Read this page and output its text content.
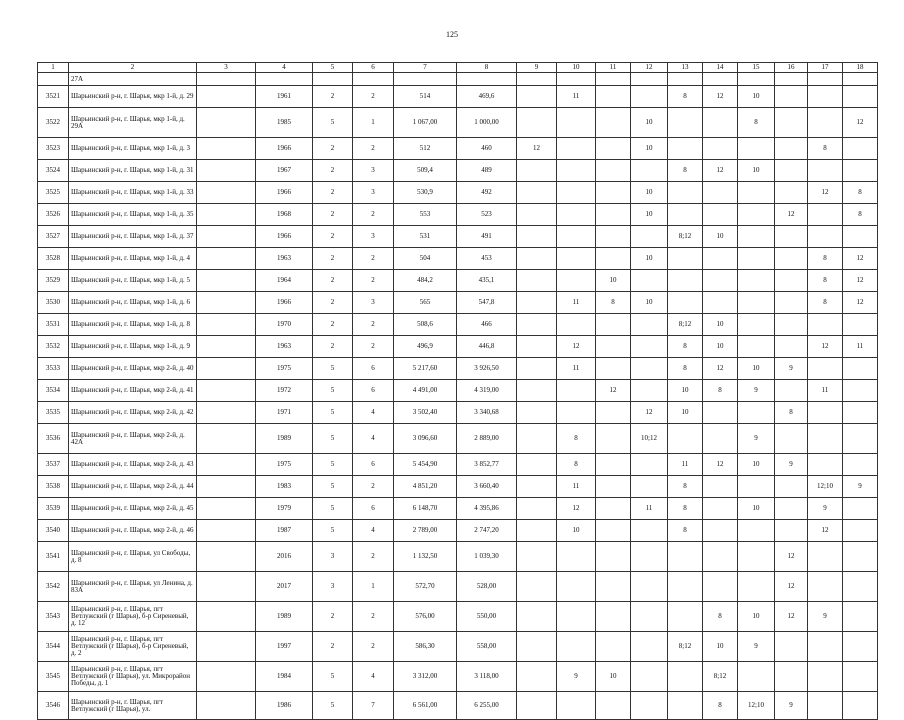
125
1	2	3	4	5	6	7	8	9	10	11	12	13	14	15	16	17	18
	27А																
3521	Шарьинский р-н, г. Шарья, мкр 1-й, д. 29		1961	2	2	514	469,6		11			8	12	10			
3522	Шарьинский р-н, г. Шарья, мкр 1-й, д. 29А		1985	5	1	1 067,00	1 000,00				10			8			12
3523	Шарьинский р-н, г. Шарья, мкр 1-й, д. 3		1966	2	2	512	460	12			10					8	
3524	Шарьинский р-н, г. Шарья, мкр 1-й, д. 31		1967	2	3	509,4	489					8	12	10			
3525	Шарьинский р-н, г. Шарья, мкр 1-й, д. 33		1966	2	3	530,9	492				10					12	8
3526	Шарьинский р-н, г. Шарья, мкр 1-й, д. 35		1968	2	2	553	523				10				12		8
3527	Шарьинский р-н, г. Шарья, мкр 1-й, д. 37		1966	2	3	531	491					8;12	10				
3528	Шарьинский р-н, г. Шарья, мкр 1-й, д. 4		1963	2	2	504	453				10					8	12
3529	Шарьинский р-н, г. Шарья, мкр 1-й, д. 5		1964	2	2	484,2	435,1			10						8	12
3530	Шарьинский р-н, г. Шарья, мкр 1-й, д. 6		1966	2	3	565	547,8		11	8	10					8	12
3531	Шарьинский р-н, г. Шарья, мкр 1-й, д. 8		1970	2	2	508,6	466					8;12	10				
3532	Шарьинский р-н, г. Шарья, мкр 1-й, д. 9		1963	2	2	496,9	446,8		12			8	10			12	11
3533	Шарьинский р-н, г. Шарья, мкр 2-й, д. 40		1975	5	6	5 217,60	3 926,50		11			8	12	10	9		
3534	Шарьинский р-н, г. Шарья, мкр 2-й, д. 41		1972	5	6	4 491,00	4 319,00			12		10	8	9		11	
3535	Шарьинский р-н, г. Шарья, мкр 2-й, д. 42		1971	5	4	3 502,40	3 340,68				12	10			8		
3536	Шарьинский р-н, г. Шарья, мкр 2-й, д. 42А		1989	5	4	3 096,60	2 889,00		8		10;12			9			
3537	Шарьинский р-н, г. Шарья, мкр 2-й, д. 43		1975	5	6	5 454,90	3 852,77		8			11	12	10	9		
3538	Шарьинский р-н, г. Шарья, мкр 2-й, д. 44		1983	5	2	4 851,20	3 660,40		11			8				12;10	9
3539	Шарьинский р-н, г. Шарья, мкр 2-й, д. 45		1979	5	6	6 148,70	4 395,86		12		11	8		10		9	
3540	Шарьинский р-н, г. Шарья, мкр 2-й, д. 46		1987	5	4	2 789,00	2 747,20		10			8				12	
3541	Шарьинский р-н, г. Шарья, ул Свободы, д. 8		2016	3	2	1 132,50	1 039,30								12		
3542	Шарьинский р-н, г. Шарья, ул Ленина, д. 83А		2017	3	1	572,70	528,00								12		
3543	Шарьинский р-н, г. Шарья, пгт Ветлужский (г Шарья), б-р Сиреневый, д. 12		1989	2	2	576,00	550,00						8	10	12	9	
3544	Шарьинский р-н, г. Шарья, пгт Ветлужский (г Шарья), б-р Сиреневый, д. 2		1997	2	2	586,30	558,00					8;12	10	9			
3545	Шарьинский р-н, г. Шарья, пгт Ветлужский (г Шарья), ул. Микрорайон Победы, д. 1		1984	5	4	3 312,00	3 118,00		9	10			8;12				
3546	Шарьинский р-н, г. Шарья, пгт Ветлужский (г Шарья), ул.		1986	5	7	6 561,00	6 255,00						8	12;10	9		
